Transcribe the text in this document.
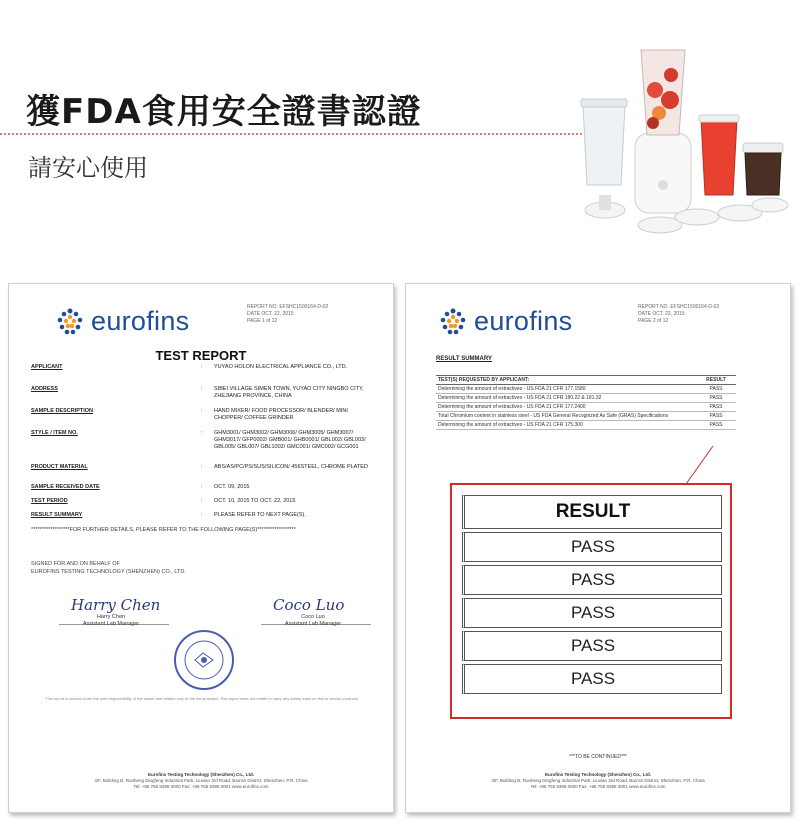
獲FDA食用安全證書認證
請安心使用
eurofins	REPORT NO. EFSHC1500164-D-02
DATE OCT. 22, 2015
PAGE 1 of 12
TEST REPORT
APPLICANT	: YUYAO HOLON ELECTRICAL APPLIANCE CO., LTD.
ADDRESS	: SIBEI VILLAGE SIMEN TOWN, YUYAO CITY NINGBO CITY, ZHEJIANG PROVINCE, CHINA
SAMPLE DESCRIPTION	: HAND MIXER/ FOOD PROCESSOR/ BLENDER/ MINI CHOPPER/ COFFEE GRINDER
STYLE / ITEM NO.	: GHM3001/ GHM3002/ GHM3006/ GHM3005/ GHM3007/ GHM3017/ GFP0002/ GMB001/ GHB0001/ GBL002/ GBL003/ GBL005/ GBL007/ GBL1002/ GMC001/ GMC002/ GCG001
PRODUCT MATERIAL	: ABS/AS/PC/PS/SUS/SILICON/ 456STEEL, CHROME PLATED
SAMPLE RECEIVED DATE	: OCT. 09, 2015
TEST PERIOD	: OCT. 10, 2015 TO OCT. 22, 2015
RESULT SUMMARY	: PLEASE REFER TO NEXT PAGE(S).
******************FOR FURTHER DETAILS, PLEASE REFER TO THE FOLLOWING PAGE(S)******************
SIGNED FOR AND ON BEHALF OF
EUROFINS TESTING TECHNOLOGY (SHENZHEN) CO., LTD.
Harry Chen	Coco Luo
Harry Chen
Assistant Lab Manager
Coco Luo
Assistant Lab Manager
This report is issued under the sole responsibility of the issuer and relates only to the items tested. This report does not entitle to carry any safety mark on this or similar products.
Eurofins Testing Technology (Shenzhen) Co., Ltd.
4/F, Building B, Runheng Dingfeng Industrial Park, Liuxian 3rd Road, Bao'an District, Shenzhen, P.R. China
Tel: +86 755 8398 0000 Fax: +86 755 8398 0001 www.eurofins.com
eurofins	REPORT NO. EFSHC1500164-D-02
DATE OCT. 22, 2015
PAGE 2 of 12
RESULT SUMMARY
TEST(S) REQUESTED BY APPLICANT:	RESULT
Determining the amount of extractives - US FDA 21 CFR 177.1580	PASS
Determining the amount of extractives - US FDA 21 CFR 180.22 & 181.32	PASS
Determining the amount of extractives - US FDA 21 CFR 177.2400	PASS
Total Chromium content in stainless steel - US FDA General Recognized As Safe (GRAS) Specifications	PASS
Determining the amount of extractives - US FDA 21 CFR 175.300	PASS
RESULT
PASS
PASS
PASS
PASS
PASS
***TO BE CONTINUED***
Eurofins Testing Technology (Shenzhen) Co., Ltd.
4/F, Building B, Runheng Dingfeng Industrial Park, Liuxian 3rd Road, Bao'an District, Shenzhen, P.R. China
Tel: +86 755 8398 0000 Fax: +86 755 8398 0001 www.eurofins.com
